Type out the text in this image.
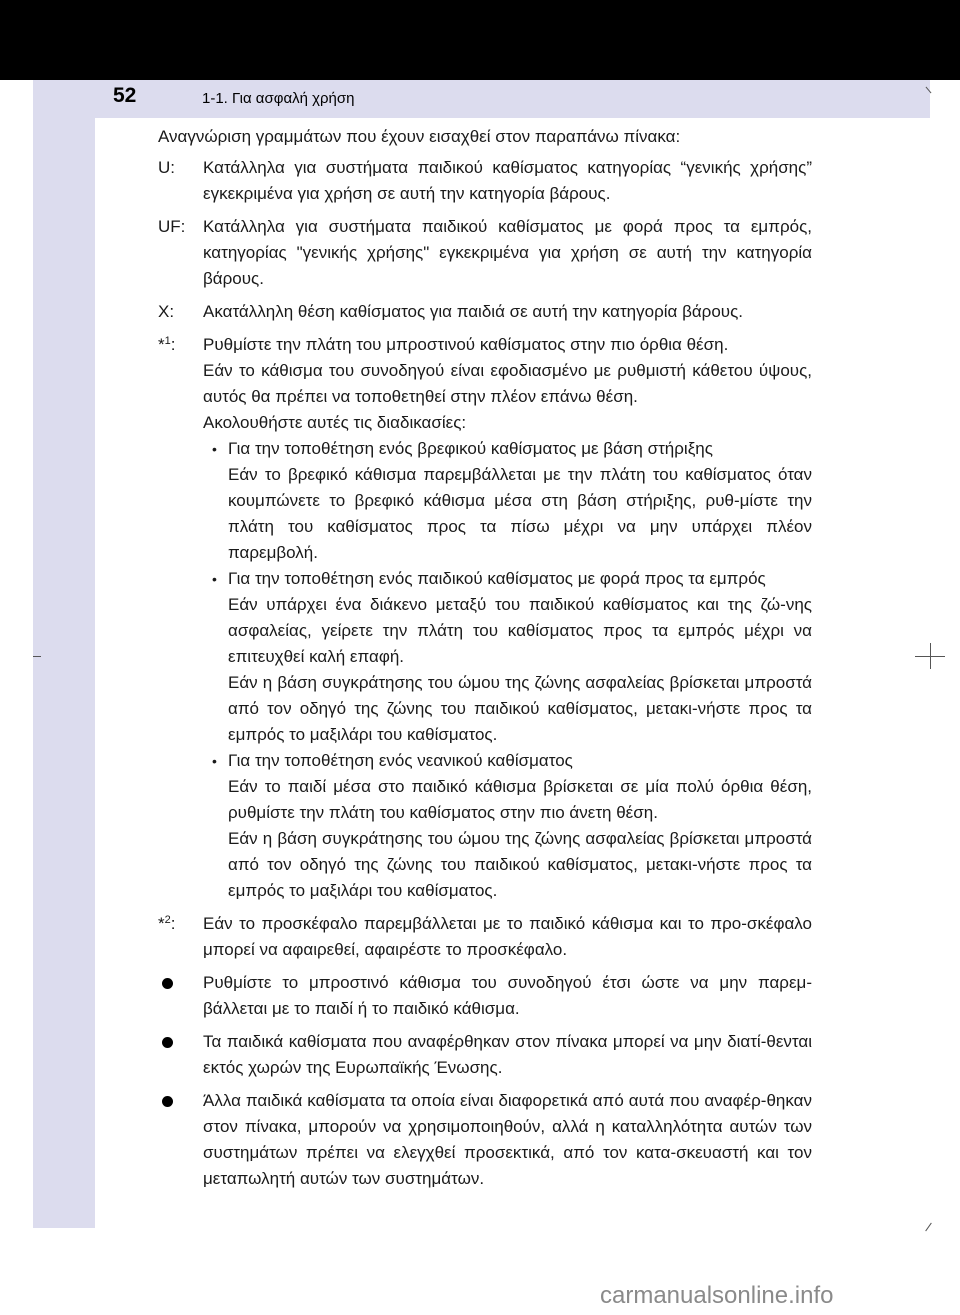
52	1-1. Για ασφαλή χρήση

Αναγνώριση γραμμάτων που έχουν εισαχθεί στον παραπάνω πίνακα:

U: Κατάλληλα για συστήματα παιδικού καθίσματος κατηγορίας “γενικής χρήσης” εγκεκριμένα για χρήση σε αυτή την κατηγορία βάρους.

UF: Κατάλληλα για συστήματα παιδικού καθίσματος με φορά προς τα εμπρός, κατηγορίας "γενικής χρήσης" εγκεκριμένα για χρήση σε αυτή την κατηγορία βάρους.

X: Ακατάλληλη θέση καθίσματος για παιδιά σε αυτή την κατηγορία βάρους.

*$^1$: Ρυθμίστε την πλάτη του μπροστινού καθίσματος στην πιο όρθια θέση.

Εάν το κάθισμα του συνοδηγού είναι εφοδιασμένο με ρυθμιστή κάθετου ύψους, αυτός θα πρέπει να τοποθετηθεί στην πλέον επάνω θέση.

Ακολουθήστε αυτές τις διαδικασίες:

• Για την τοποθέτηση ενός βρεφικού καθίσματος με βάση στήριξης

Εάν το βρεφικό κάθισμα παρεμβάλλεται με την πλάτη του καθίσματος όταν κουμπώνετε το βρεφικό κάθισμα μέσα στη βάση στήριξης, ρυθ-μίστε την πλάτη του καθίσματος προς τα πίσω μέχρι να μην υπάρχει πλέον παρεμβολή.

• Για την τοποθέτηση ενός παιδικού καθίσματος με φορά προς τα εμπρός

Εάν υπάρχει ένα διάκενο μεταξύ του παιδικού καθίσματος και της ζώ-νης ασφαλείας, γείρετε την πλάτη του καθίσματος προς τα εμπρός μέχρι να επιτευχθεί καλή επαφή.

Εάν η βάση συγκράτησης του ώμου της ζώνης ασφαλείας βρίσκεται μπροστά από τον οδηγό της ζώνης του παιδικού καθίσματος, μετακι-νήστε προς τα εμπρός το μαξιλάρι του καθίσματος.

• Για την τοποθέτηση ενός νεανικού καθίσματος

Εάν το παιδί μέσα στο παιδικό κάθισμα βρίσκεται σε μία πολύ όρθια θέση, ρυθμίστε την πλάτη του καθίσματος στην πιο άνετη θέση.

Εάν η βάση συγκράτησης του ώμου της ζώνης ασφαλείας βρίσκεται μπροστά από τον οδηγό της ζώνης του παιδικού καθίσματος, μετακι-νήστε προς τα εμπρός το μαξιλάρι του καθίσματος.

*$^2$: Εάν το προσκέφαλο παρεμβάλλεται με το παιδικό κάθισμα και το προ-σκέφαλο μπορεί να αφαιρεθεί, αφαιρέστε το προσκέφαλο.

Ρυθμίστε το μπροστινό κάθισμα του συνοδηγού έτσι ώστε να μην παρεμ-βάλλεται με το παιδί ή το παιδικό κάθισμα.

Τα παιδικά καθίσματα που αναφέρθηκαν στον πίνακα μπορεί να μην διατί-θενται εκτός χωρών της Ευρωπαϊκής Ένωσης.

Άλλα παιδικά καθίσματα τα οποία είναι διαφορετικά από αυτά που αναφέρ-θηκαν στον πίνακα, μπορούν να χρησιμοποιηθούν, αλλά η καταλληλότητα αυτών των συστημάτων πρέπει να ελεγχθεί προσεκτικά, από τον κατα-σκευαστή και τον μεταπωλητή αυτών των συστημάτων.

carmanualsonline.info
